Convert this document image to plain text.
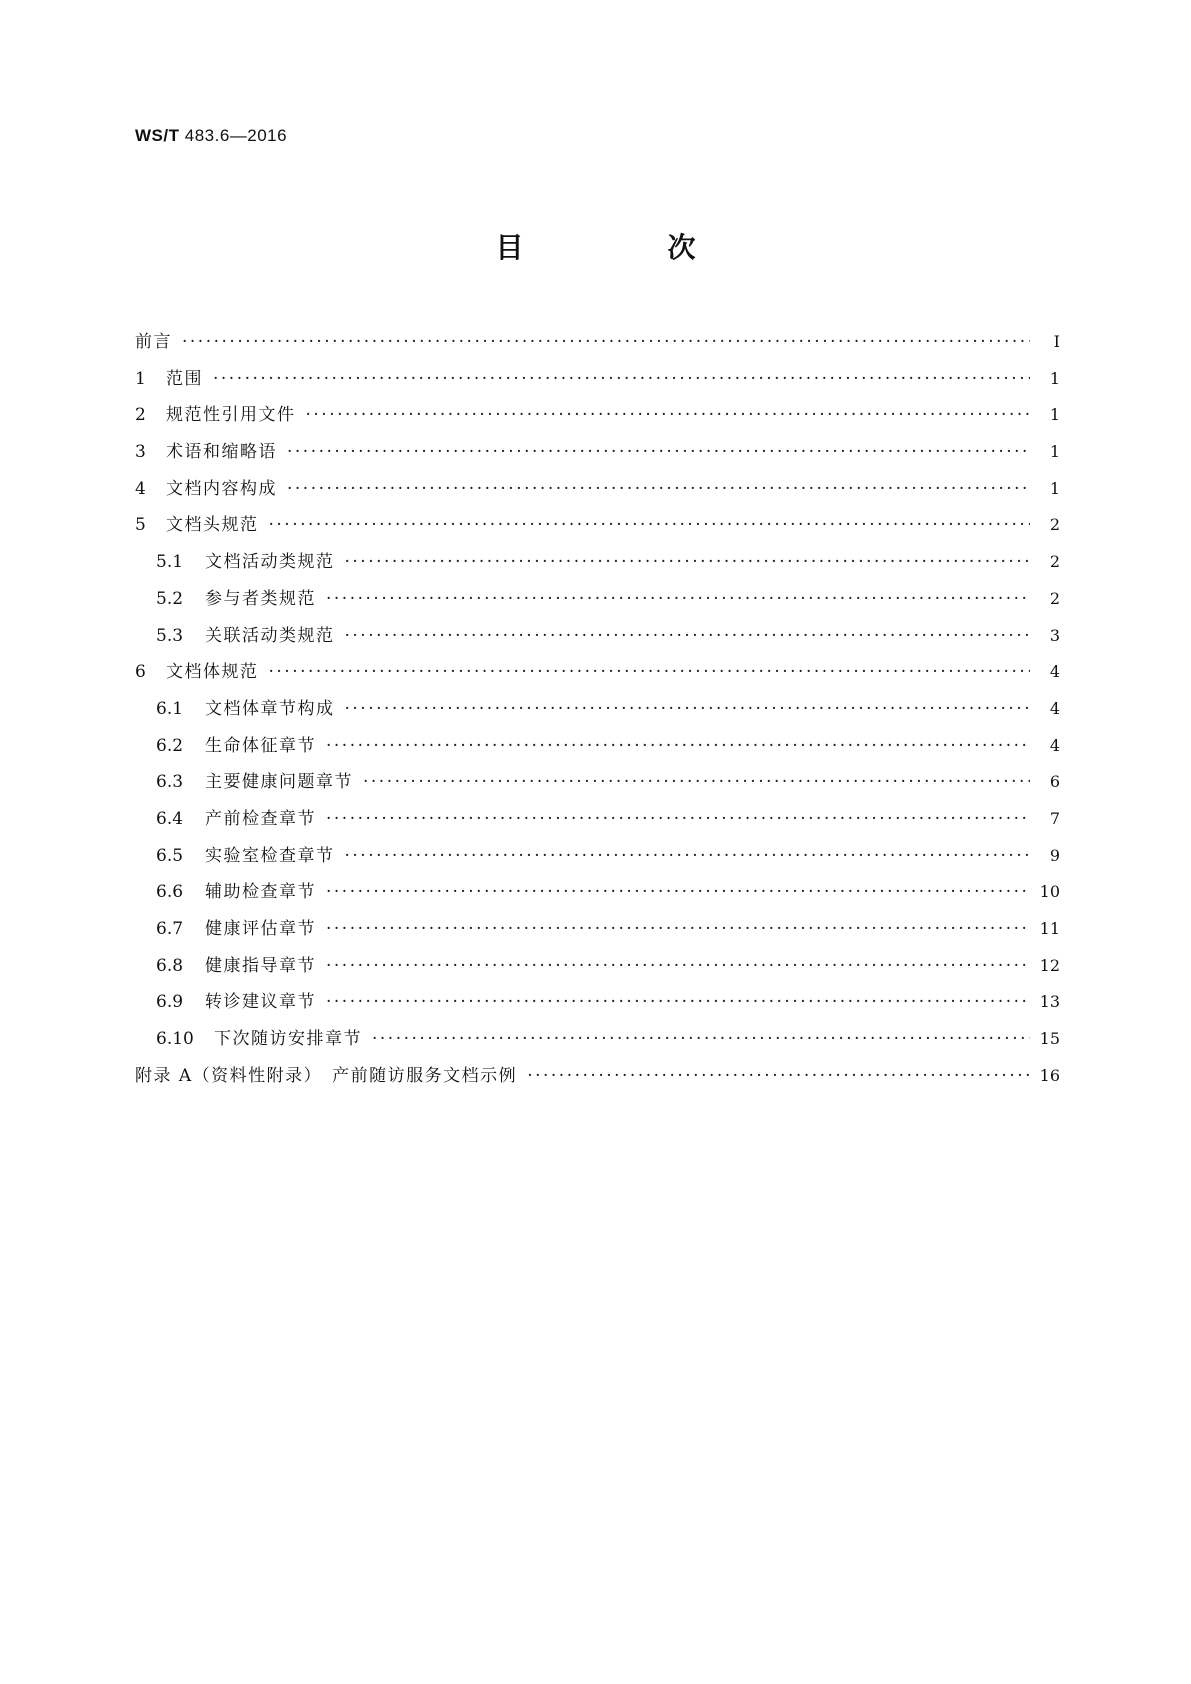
WS/T 483.6—2016
目　次
前言 ·····	Ⅰ
1	范围 ·····	1
2	规范性引用文件 ·····	1
3	术语和缩略语 ·····	1
4	文档内容构成 ·····	1
5	文档头规范 ·····	2
5.1	文档活动类规范 ·····	2
5.2	参与者类规范 ·····	2
5.3	关联活动类规范 ·····	3
6	文档体规范 ·····	4
6.1	文档体章节构成 ·····	4
6.2	生命体征章节 ·····	4
6.3	主要健康问题章节 ·····	6
6.4	产前检查章节 ·····	7
6.5	实验室检查章节 ·····	9
6.6	辅助检查章节 ·····	10
6.7	健康评估章节 ·····	11
6.8	健康指导章节 ·····	12
6.9	转诊建议章节 ·····	13
6.10	下次随访安排章节 ·····	15
附录 A（资料性附录）　产前随访服务文档示例 ·····	16
